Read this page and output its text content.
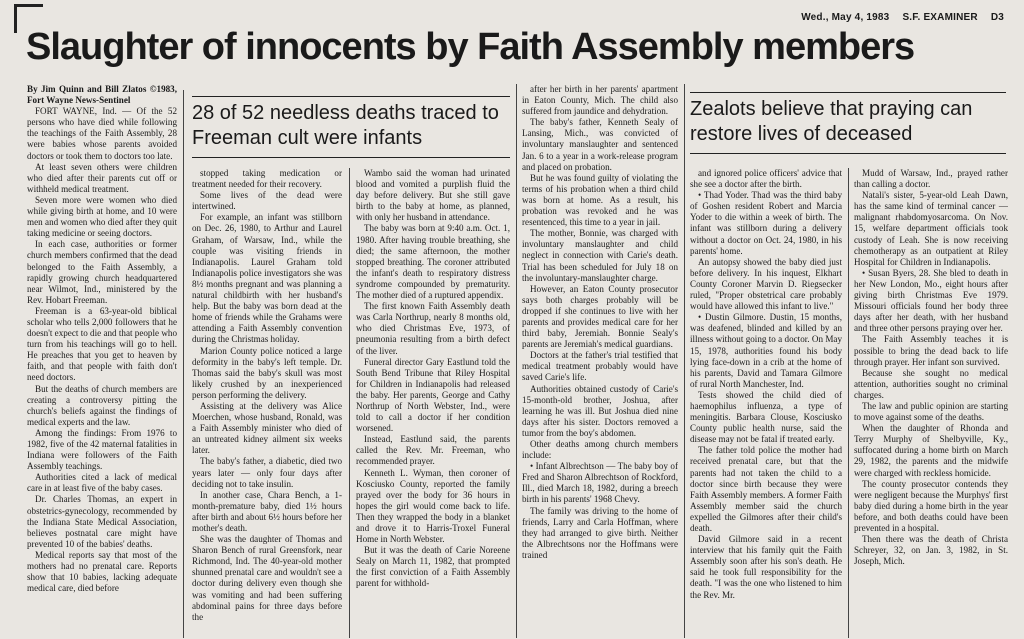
Wed., May 4, 1983 S.F. EXAMINER D3
Slaughter of innocents by Faith Assembly members

By Jim Quinn and Bill Zlatos ©1983, Fort Wayne News-Sentinel

FORT WAYNE, Ind. — Of the 52 persons who have died while following the teachings of the Faith Assembly, 28 were babies whose parents avoided doctors or took them to doctors too late.

At least seven others were children who died after their parents cut off or withheld medical treatment.

Seven more were women who died while giving birth at home, and 10 were men and women who died after they quit taking medicine or seeing doctors.

In each case, authorities or former church members confirmed that the dead belonged to the Faith Assembly, a rapidly growing church headquartered near Wilmot, Ind., ministered by the Rev. Hobart Freeman.

Freeman is a 63-year-old biblical scholar who tells 2,000 followers that he doesn't expect to die and that people who turn from his teachings will go to hell. He preaches that you get to heaven by faith, and that people with faith don't need doctors.

But the deaths of church members are creating a controversy pitting the church's beliefs against the findings of medical experts and the law.

Among the findings: From 1976 to 1982, five of the 42 maternal fatalities in Indiana were followers of the Faith Assembly teachings.

Authorities cited a lack of medical care in at least five of the baby cases.

Dr. Charles Thomas, an expert in obstetrics-gynecology, recommended by the Indiana State Medical Association, believes postnatal care might have prevented 10 of the babies' deaths.

Medical reports say that most of the mothers had no prenatal care. Reports show that 10 babies, lacking adequate medical care, died before

28 of 52 needless deaths traced to Freeman cult were infants

stopped taking medication or treatment needed for their recovery.

Some lives of the dead were intertwined.

For example, an infant was stillborn on Dec. 26, 1980, to Arthur and Laurel Graham, of Warsaw, Ind., while the couple was visiting friends in Indianapolis. Laurel Graham told Indianapolis police investigators she was 8½ months pregnant and was planning a natural childbirth with her husband's help. But the baby was born dead at the home of friends while the Grahams were attending a Faith Assembly convention during the Christmas holiday.

Marion County police noticed a large deformity in the baby's left temple. Dr. Thomas said the baby's skull was most likely crushed by an inexperienced person performing the delivery.

Assisting at the delivery was Alice Moerchen, whose husband, Ronald, was a Faith Assembly minister who died of an untreated kidney ailment six weeks later.

The baby's father, a diabetic, died two years later — only four days after deciding not to take insulin.

In another case, Chara Bench, a 1-month-premature baby, died 1½ hours after birth and about 6½ hours before her mother's death.

She was the daughter of Thomas and Sharon Bench of rural Greensfork, near Richmond, Ind. The 40-year-old mother shunned prenatal care and wouldn't see a doctor during delivery even though she was vomiting and had been suffering abdominal pains for three days before the

Wambo said the woman had urinated blood and vomited a purplish fluid the day before delivery. But she still gave birth to the baby at home, as planned, with only her husband in attendance.

The baby was born at 9:40 a.m. Oct. 1, 1980. After having trouble breathing, she died; the same afternoon, the mother stopped breathing. The coroner attributed the infant's death to respiratory distress syndrome compounded by prematurity. The mother died of a ruptured appendix.

The first known Faith Assembly death was Carla Northrup, nearly 8 months old, who died Christmas Eve, 1973, of pneumonia resulting from a birth defect of the liver.

Funeral director Gary Eastlund told the South Bend Tribune that Riley Hospital for Children in Indianapolis had released the baby. Her parents, George and Cathy Northrup of North Webster, Ind., were told to call a doctor if her condition worsened.

Instead, Eastlund said, the parents called the Rev. Mr. Freeman, who recommended prayer.

Kenneth L. Wyman, then coroner of Kosciusko County, reported the family prayed over the body for 36 hours in hopes the girl would come back to life. Then they wrapped the body in a blanket and drove it to Harris-Troxel Funeral Home in North Webster.

But it was the death of Carie Noreene Sealy on March 11, 1982, that prompted the first conviction of a Faith Assembly parent for withhold-

after her birth in her parents' apartment in Eaton County, Mich. The child also suffered from jaundice and dehydration.

The baby's father, Kenneth Sealy of Lansing, Mich., was convicted of involuntary manslaughter and sentenced Jan. 6 to a year in a work-release program and placed on probation.

But he was found guilty of violating the terms of his probation when a third child was born at home. As a result, his probation was revoked and he was resentenced, this time to a year in jail.

The mother, Bonnie, was charged with involuntary manslaughter and child neglect in connection with Carie's death. Trial has been scheduled for July 18 on the involuntary-manslaughter charge.

However, an Eaton County prosecutor says both charges probably will be dropped if she continues to live with her parents and provides medical care for her third baby, Jeremiah. Bonnie Sealy's parents are Jeremiah's medical guardians.

Doctors at the father's trial testified that medical treatment probably would have saved Carie's life.

Authorities obtained custody of Carie's 15-month-old brother, Joshua, after learning he was ill. But Joshua died nine days after his sister. Doctors removed a tumor from the boy's abdomen.

Other deaths among church members include:

• Infant Albrechtson — The baby boy of Fred and Sharon Albrechtson of Rockford, Ill., died March 18, 1982, during a breech birth in his parents' 1968 Chevy.

The family was driving to the home of friends, Larry and Carla Hoffman, where they had arranged to give birth. Neither the Albrechtsons nor the Hoffmans were trained

Zealots believe that praying can restore lives of deceased

and ignored police officers' advice that she see a doctor after the birth.

• Thad Yoder. Thad was the third baby of Goshen resident Robert and Marcia Yoder to die within a week of birth. The infant was stillborn during a delivery without a doctor on Oct. 24, 1980, in his parents' home.

An autopsy showed the baby died just before delivery. In his inquest, Elkhart County Coroner Marvin D. Riegsecker ruled, "Proper obstetrical care probably would have allowed this infant to live."

• Dustin Gilmore. Dustin, 15 months, was deafened, blinded and killed by an illness without going to a doctor. On May 15, 1978, authorities found his body lying face-down in a crib at the home of his parents, David and Tamara Gilmore of rural North Manchester, Ind.

Tests showed the child died of haemophilus influenza, a type of meningitis. Barbara Clouse, Kosciusko County public health nurse, said the disease may not be fatal if treated early.

The father told police the mother had received prenatal care, but that the parents had not taken the child to a doctor since birth because they were Faith Assembly members. A former Faith Assembly member said the church expelled the Gilmores after their child's death.

David Gilmore said in a recent interview that his family quit the Faith Assembly soon after his son's death. He said he took full responsibility for the death. "I was the one who listened to him the Rev. Mr.

Mudd of Warsaw, Ind., prayed rather than calling a doctor.

Natali's sister, 5-year-old Leah Dawn, has the same kind of terminal cancer — malignant rhabdomyosarcoma. On Nov. 15, welfare department officials took custody of Leah. She is now receiving chemotherapy as an outpatient at Riley Hospital for Children in Indianapolis.

• Susan Byers, 28. She bled to death in her New London, Mo., eight hours after giving birth Christmas Eve 1979. Missouri officials found her body three days after her death, with her husband and three other persons praying over her.

The Faith Assembly teaches it is possible to bring the dead back to life through prayer. Her infant son survived.

Because she sought no medical attention, authorities sought no criminal charges.

The law and public opinion are starting to move against some of the deaths.

When the daughter of Rhonda and Terry Murphy of Shelbyville, Ky., suffocated during a home birth on March 29, 1982, the parents and the midwife were charged with reckless homicide.

The county prosecutor contends they were negligent because the Murphys' first baby died during a home birth in the year before, and both deaths could have been prevented in a hospital.

Then there was the death of Christa Schreyer, 32, on Jan. 3, 1982, in St. Joseph, Mich.
